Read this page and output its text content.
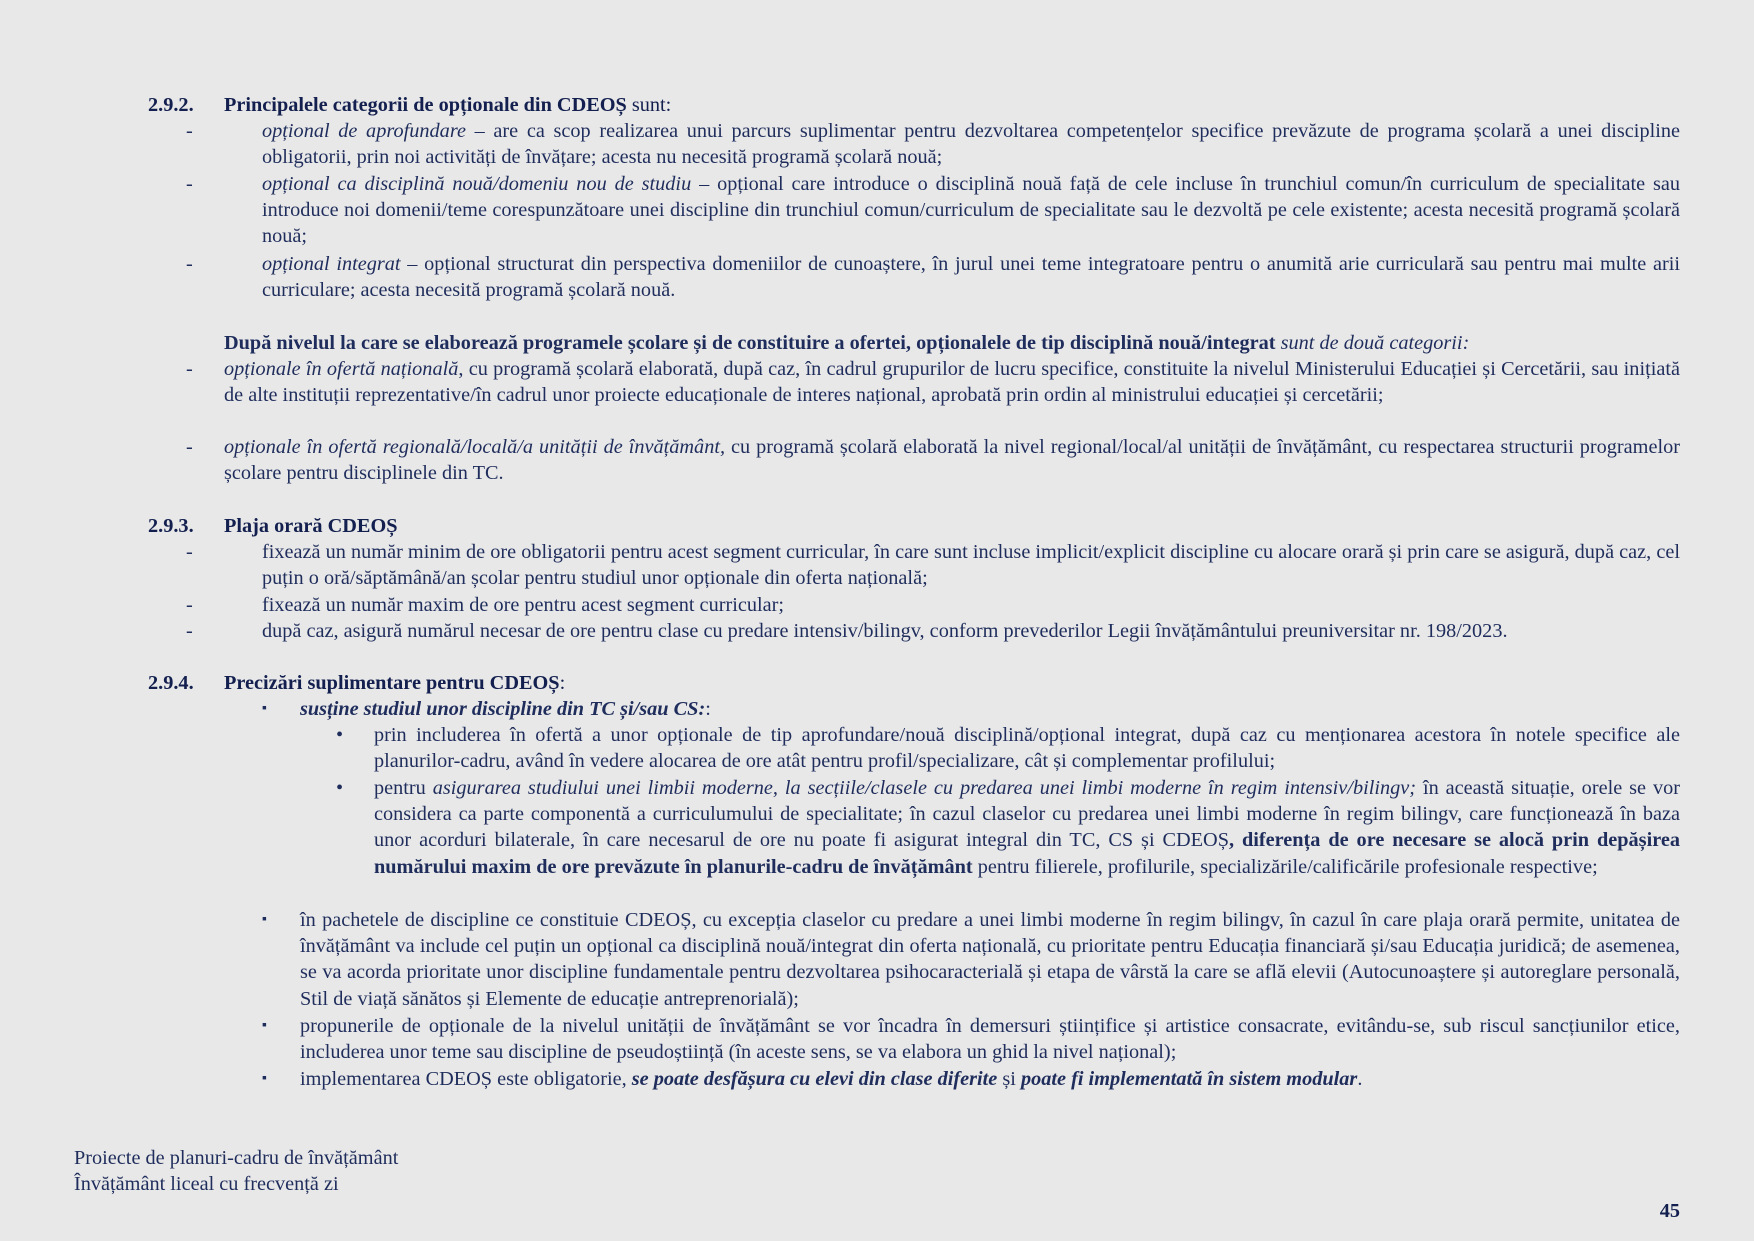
2.9.2. Principalele categorii de opționale din CDEOȘ sunt:
-	opțional de aprofundare – are ca scop realizarea unui parcurs suplimentar pentru dezvoltarea competențelor specifice prevăzute de programa școlară a unei discipline obligatorii, prin noi activități de învățare; acesta nu necesită programă școlară nouă;
-	opțional ca disciplină nouă/domeniu nou de studiu – opțional care introduce o disciplină nouă față de cele incluse în trunchiul comun/în curriculum de specialitate sau introduce noi domenii/teme corespunzătoare unei discipline din trunchiul comun/curriculum de specialitate sau le dezvoltă pe cele existente; acesta necesită programă școlară nouă;
-	opțional integrat – opțional structurat din perspectiva domeniilor de cunoaștere, în jurul unei teme integratoare pentru o anumită arie curriculară sau pentru mai multe arii curriculare; acesta necesită programă școlară nouă.
După nivelul la care se elaborează programele școlare și de constituire a ofertei, opționalele de tip disciplină nouă/integrat sunt de două categorii:
- opționale în ofertă națională, cu programă școlară elaborată, după caz, în cadrul grupurilor de lucru specifice, constituite la nivelul Ministerului Educației și Cercetării, sau inițiată de alte instituții reprezentative/în cadrul unor proiecte educaționale de interes național, aprobată prin ordin al ministrului educației și cercetării;
- opționale în ofertă regională/locală/a unității de învățământ, cu programă școlară elaborată la nivel regional/local/al unității de învățământ, cu respectarea structurii programelor școlare pentru disciplinele din TC.
2.9.3. Plaja orară CDEOȘ
-	fixează un număr minim de ore obligatorii pentru acest segment curricular, în care sunt incluse implicit/explicit discipline cu alocare orară și prin care se asigură, după caz, cel puțin o oră/săptămână/an școlar pentru studiul unor opționale din oferta națională;
-	fixează un număr maxim de ore pentru acest segment curricular;
-	după caz, asigură numărul necesar de ore pentru clase cu predare intensiv/bilingv, conform prevederilor Legii învățământului preuniversitar nr. 198/2023.
2.9.4. Precizări suplimentare pentru CDEOȘ:
▪ susține studiul unor discipline din TC și/sau CS::
• prin includerea în ofertă a unor opționale de tip aprofundare/nouă disciplină/opțional integrat, după caz cu menționarea acestora în notele specifice ale planurilor-cadru, având în vedere alocarea de ore atât pentru profil/specializare, cât și complementar profilului;
• pentru asigurarea studiului unei limbii moderne, la secțiile/clasele cu predarea unei limbi moderne în regim intensiv/bilingv; în această situație, orele se vor considera ca parte componentă a curriculumului de specialitate; în cazul claselor cu predarea unei limbi moderne în regim bilingv, care funcționează în baza unor acorduri bilaterale, în care necesarul de ore nu poate fi asigurat integral din TC, CS și CDEOȘ, diferența de ore necesare se alocă prin depășirea numărului maxim de ore prevăzute în planurile-cadru de învățământ pentru filierele, profilurile, specializările/calificările profesionale respective;
▪ în pachetele de discipline ce constituie CDEOȘ, cu excepția claselor cu predare a unei limbi moderne în regim bilingv, în cazul în care plaja orară permite, unitatea de învățământ va include cel puțin un opțional ca disciplină nouă/integrat din oferta națională, cu prioritate pentru Educația financiară și/sau Educația juridică; de asemenea, se va acorda prioritate unor discipline fundamentale pentru dezvoltarea psihocaracterială și etapa de vârstă la care se află elevii (Autocunoaștere și autoreglare personală, Stil de viață sănătos și Elemente de educație antreprenorială);
▪ propunerile de opționale de la nivelul unității de învățământ se vor încadra în demersuri științifice și artistice consacrate, evitându-se, sub riscul sancțiunilor etice, includerea unor teme sau discipline de pseudoștiință (în aceste sens, se va elabora un ghid la nivel național);
▪ implementarea CDEOȘ este obligatorie, se poate desfășura cu elevi din clase diferite și poate fi implementată în sistem modular.
Proiecte de planuri-cadru de învățământ
Învățământ liceal cu frecvență zi
45
